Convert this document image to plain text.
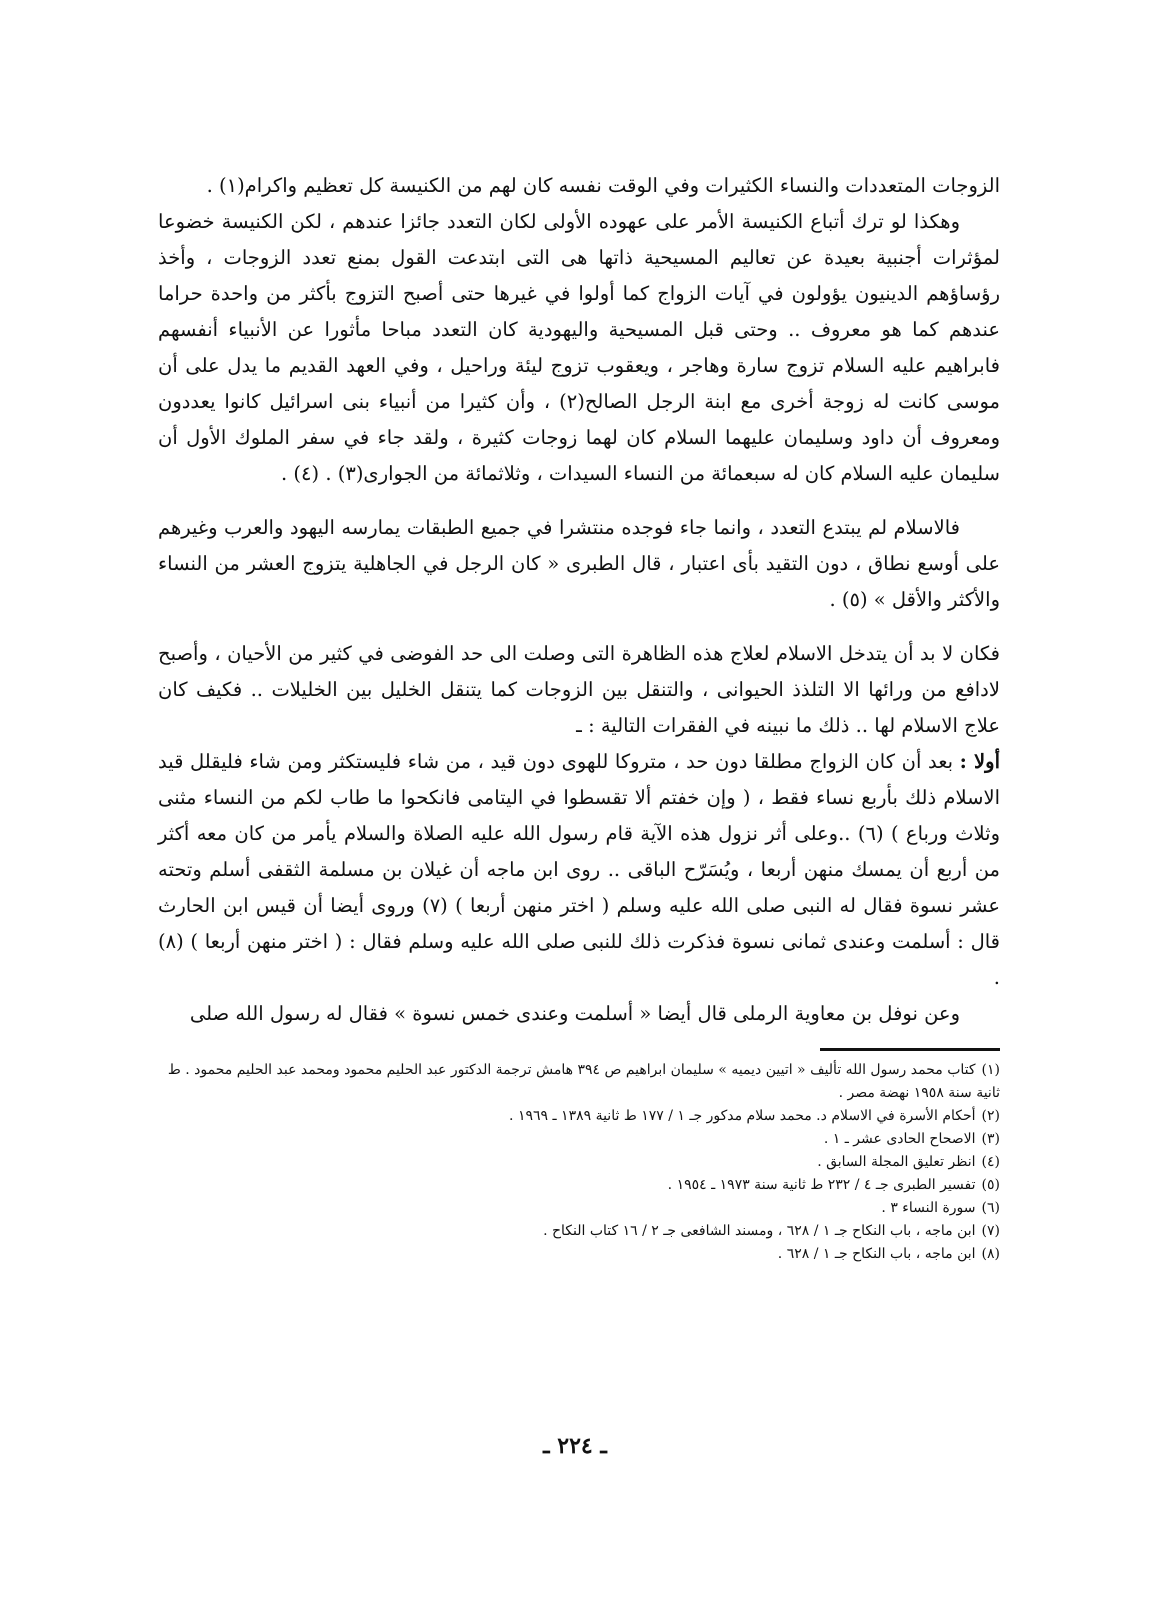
الزوجات المتعددات والنساء الكثيرات وفي الوقت نفسه كان لهم من الكنيسة كل تعظيم واكرام(١) .

وهكذا لو ترك أتباع الكنيسة الأمر على عهوده الأولى لكان التعدد جائزا عندهم ، لكن الكنيسة خضوعا لمؤثرات أجنبية بعيدة عن تعاليم المسيحية ذاتها هى التى ابتدعت القول بمنع تعدد الزوجات ، وأخذ رؤساؤهم الدينيون يؤولون في آيات الزواج كما أولوا في غيرها حتى أصبح التزوج بأكثر من واحدة حراما عندهم كما هو معروف .. وحتى قبل المسيحية واليهودية كان التعدد مباحا مأثورا عن الأنبياء أنفسهم فابراهيم عليه السلام تزوج سارة وهاجر ، ويعقوب تزوج ليئة وراحيل ، وفي العهد القديم ما يدل على أن موسى كانت له زوجة أخرى مع ابنة الرجل الصالح(٢) ، وأن كثيرا من أنبياء بنى اسرائيل كانوا يعددون ومعروف أن داود وسليمان عليهما السلام كان لهما زوجات كثيرة ، ولقد جاء في سفر الملوك الأول أن سليمان عليه السلام كان له سبعمائة من النساء السيدات ، وثلاثمائة من الجوارى(٣) . (٤) .

فالاسلام لم يبتدع التعدد ، وانما جاء فوجده منتشرا في جميع الطبقات يمارسه اليهود والعرب وغيرهم على أوسع نطاق ، دون التقيد بأى اعتبار ، قال الطبرى « كان الرجل في الجاهلية يتزوج العشر من النساء والأكثر والأقل » (٥) .

فكان لا بد أن يتدخل الاسلام لعلاج هذه الظاهرة التى وصلت الى حد الفوضى في كثير من الأحيان ، وأصبح لادافع من ورائها الا التلذذ الحيوانى ، والتنقل بين الزوجات كما يتنقل الخليل بين الخليلات .. فكيف كان علاج الاسلام لها .. ذلك ما نبينه في الفقرات التالية : ـ

أولا : بعد أن كان الزواج مطلقا دون حد ، متروكا للهوى دون قيد ، من شاء فليستكثر ومن شاء فليقلل قيد الاسلام ذلك بأربع نساء فقط ، ( وإن خفتم ألا تقسطوا في اليتامى فانكحوا ما طاب لكم من النساء مثنى وثلاث ورباع ) (٦) ..وعلى أثر نزول هذه الآية قام رسول الله عليه الصلاة والسلام يأمر من كان معه أكثر من أربع أن يمسك منهن أربعا ، ويُسَرّح الباقى .. روى ابن ماجه أن غيلان بن مسلمة الثقفى أسلم وتحته عشر نسوة فقال له النبى صلى الله عليه وسلم ( اختر منهن أربعا ) (٧) وروى أيضا أن قيس ابن الحارث قال : أسلمت وعندى ثمانى نسوة فذكرت ذلك للنبى صلى الله عليه وسلم فقال : ( اختر منهن أربعا ) (٨) .

وعن نوفل بن معاوية الرملى قال أيضا « أسلمت وعندى خمس نسوة » فقال له رسول الله صلى

(١)كتاب محمد رسول الله تأليف « اتيين ديميه » سليمان ابراهيم ص ٣٩٤ هامش ترجمة الدكتور عبد الحليم محمود ومحمد عبد الحليم محمود . ط ثانية سنة ١٩٥٨ نهضة مصر .
(٢)أحكام الأسرة في الاسلام د. محمد سلام مدكور جـ ١ / ١٧٧ ط ثانية ١٣٨٩ ـ ١٩٦٩ .
(٣)الاصحاح الحادى عشر ـ ١ .
(٤)انظر تعليق المجلة السابق .
(٥)تفسير الطبرى جـ ٤ / ٢٣٢ ط ثانية سنة ١٩٧٣ ـ ١٩٥٤ .
(٦)سورة النساء ٣ .
(٧)ابن ماجه ، باب النكاح جـ ١ / ٦٢٨ ، ومسند الشافعى جـ ٢ / ١٦ كتاب النكاح .
(٨)ابن ماجه ، باب النكاح جـ ١ / ٦٢٨ .
ـ ٢٢٤ ـ
